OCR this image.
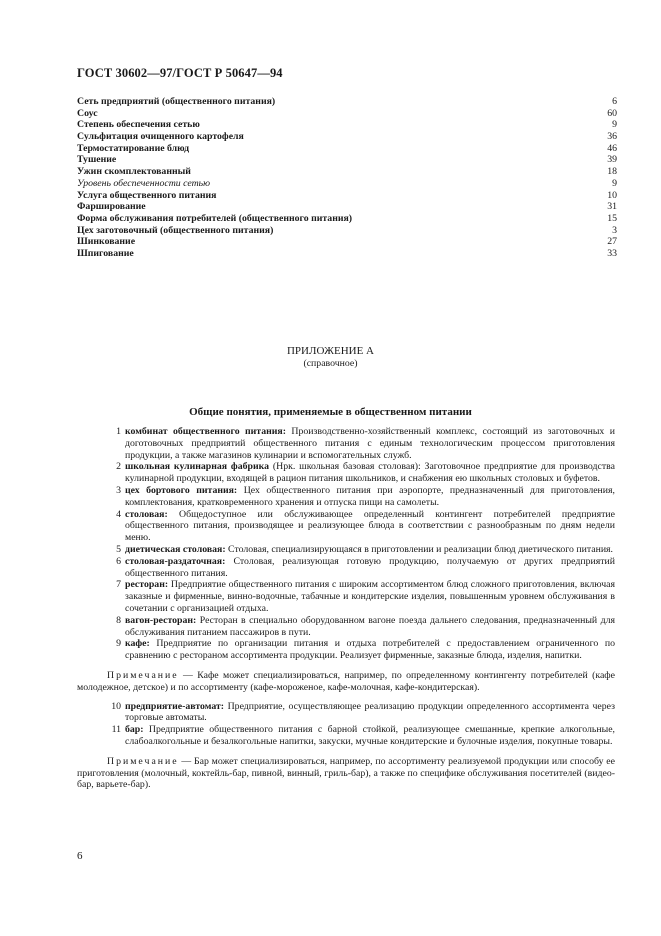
ГОСТ 30602—97/ГОСТ Р 50647—94
Сеть предприятий (общественного питания)	6
Соус	60
Степень обеспечения сетью	9
Сульфитация очищенного картофеля	36
Термостатирование блюд	46
Тушение	39
Ужин скомплектованный	18
Уровень обеспеченности сетью	9
Услуга общественного питания	10
Фарширование	31
Форма обслуживания потребителей (общественного питания)	15
Цех заготовочный (общественного питания)	3
Шинкование	27
Шпигование	33
ПРИЛОЖЕНИЕ А
(справочное)
Общие понятия, применяемые в общественном питании
1 комбинат общественного питания: Производственно-хозяйственный комплекс, состоящий из заготовочных и доготовочных предприятий общественного питания с единым технологическим процессом приготовления продукции, а также магазинов кулинарии и вспомогательных служб.
2 школьная кулинарная фабрика (Нрк. школьная базовая столовая): Заготовочное предприятие для производства кулинарной продукции, входящей в рацион питания школьников, и снабжения ею школьных столовых и буфетов.
3 цех бортового питания: Цех общественного питания при аэропорте, предназначенный для приготовления, комплектования, кратковременного хранения и отпуска пищи на самолеты.
4 столовая: Общедоступное или обслуживающее определенный контингент потребителей предприятие общественного питания, производящее и реализующее блюда в соответствии с разнообразным по дням недели меню.
5 диетическая столовая: Столовая, специализирующаяся в приготовлении и реализации блюд диетического питания.
6 столовая-раздаточная: Столовая, реализующая готовую продукцию, получаемую от других предприятий общественного питания.
7 ресторан: Предприятие общественного питания с широким ассортиментом блюд сложного приготовления, включая заказные и фирменные, винно-водочные, табачные и кондитерские изделия, повышенным уровнем обслуживания в сочетании с организацией отдыха.
8 вагон-ресторан: Ресторан в специально оборудованном вагоне поезда дальнего следования, предназначенный для обслуживания питанием пассажиров в пути.
9 кафе: Предприятие по организации питания и отдыха потребителей с предоставлением ограниченного по сравнению с рестораном ассортимента продукции. Реализует фирменные, заказные блюда, изделия, напитки.

Примечание — Кафе может специализироваться, например, по определенному контингенту потребителей (кафе молодежное, детское) и по ассортименту (кафе-мороженое, кафе-молочная, кафе-кондитерская).

10 предприятие-автомат: Предприятие, осуществляющее реализацию продукции определенного ассортимента через торговые автоматы.
11 бар: Предприятие общественного питания с барной стойкой, реализующее смешанные, крепкие алкогольные, слабоалкогольные и безалкогольные напитки, закуски, мучные кондитерские и булочные изделия, покупные товары.

Примечание — Бар может специализироваться, например, по ассортименту реализуемой продукции или способу ее приготовления (молочный, коктейль-бар, пивной, винный, гриль-бар), а также по специфике обслуживания посетителей (видео-бар, варьете-бар).

6
